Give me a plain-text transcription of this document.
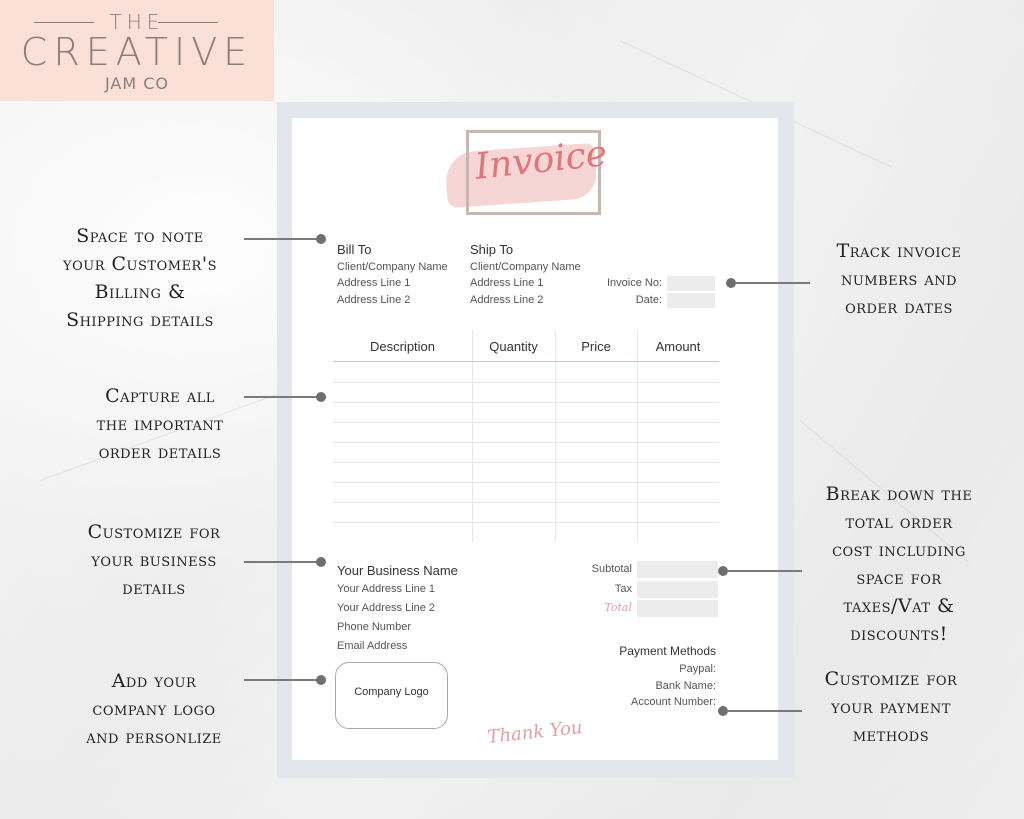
THE
CREATIVE
JAM CO
Invoice
Bill To
Client/Company Name
Address Line 1
Address Line 2
Ship To
Client/Company Name
Address Line 1
Address Line 2
Invoice No:
Date:
Description	Quantity	Price	Amount
Your Business Name
Your Address Line 1
Your Address Line 2
Phone Number
Email Address
Subtotal
Tax
Total
Payment Methods
Paypal:
Bank Name:
Account Number:
Company Logo
Thank You
Space to note
your Customer's
Billing &
Shipping details
Capture all
the important
order details
Customize for
your business
details
Add your
company logo
and personlize
Track invoice
numbers and
order dates
Break down the
total order
cost including
space for
taxes/Vat &
discounts!
Customize for
your payment
methods
